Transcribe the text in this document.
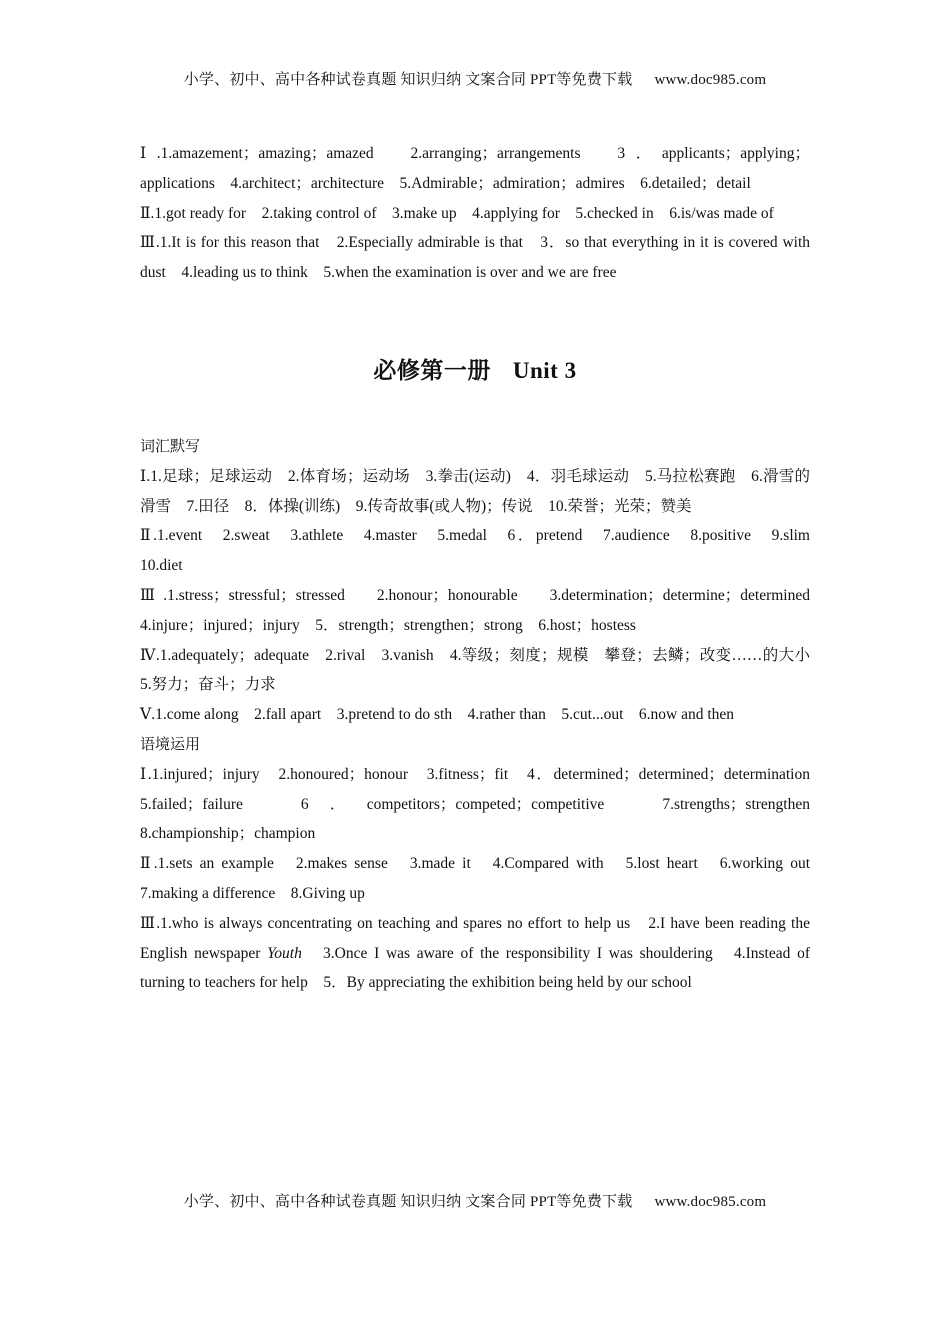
小学、初中、高中各种试卷真题 知识归纳 文案合同 PPT等免费下载 www.doc985.com

Ⅰ.1.amazement；amazing；amazed　2.arranging；arrangements　3．applicants；applying；applications　4.architect；architecture　5.Admirable；admiration；admires　6.detailed；detail

Ⅱ.1.got ready for　2.taking control of　3.make up　4.applying for　5.checked in　6.is/was made of

Ⅲ.1.It is for this reason that　2.Especially admirable is that　3．so that everything in it is covered with dust　4.leading us to think　5.when the examination is over and we are free

必修第一册 Unit 3

词汇默写

Ⅰ.1.足球；足球运动　2.体育场；运动场　3.拳击(运动)　4．羽毛球运动　5.马拉松赛跑　6.滑雪的　滑雪　7.田径　8．体操(训练)　9.传奇故事(或人物)；传说　10.荣誉；光荣；赞美

Ⅱ.1.event　2.sweat　3.athlete　4.master　5.medal　6．pretend　7.audience　8.positive　9.slim　10.diet

Ⅲ.1.stress；stressful；stressed　2.honour；honourable　3.determination；determine；determined　4.injure；injured；injury　5．strength；strengthen；strong　6.host；hostess

Ⅳ.1.adequately；adequate　2.rival　3.vanish　4.等级；刻度；规模　攀登；去鳞；改变……的大小　5.努力；奋斗；力求

Ⅴ.1.come along　2.fall apart　3.pretend to do sth　4.rather than　5.cut...out　6.now and then

语境运用

Ⅰ.1.injured；injury　2.honoured；honour　3.fitness；fit　4．determined；determined；determination　5.failed；failure　6．competitors；competed；competitive　7.strengths；strengthen　8.championship；champion

Ⅱ.1.sets an example　2.makes sense　3.made it　4.Compared with　5.lost heart　6.working out　7.making a difference　8.Giving up

Ⅲ.1.who is always concentrating on teaching and spares no effort to help us　2.I have been reading the English newspaper Youth　3.Once I was aware of the responsibility I was shouldering　4.Instead of turning to teachers for help　5．By appreciating the exhibition being held by our school

小学、初中、高中各种试卷真题 知识归纳 文案合同 PPT等免费下载 www.doc985.com
